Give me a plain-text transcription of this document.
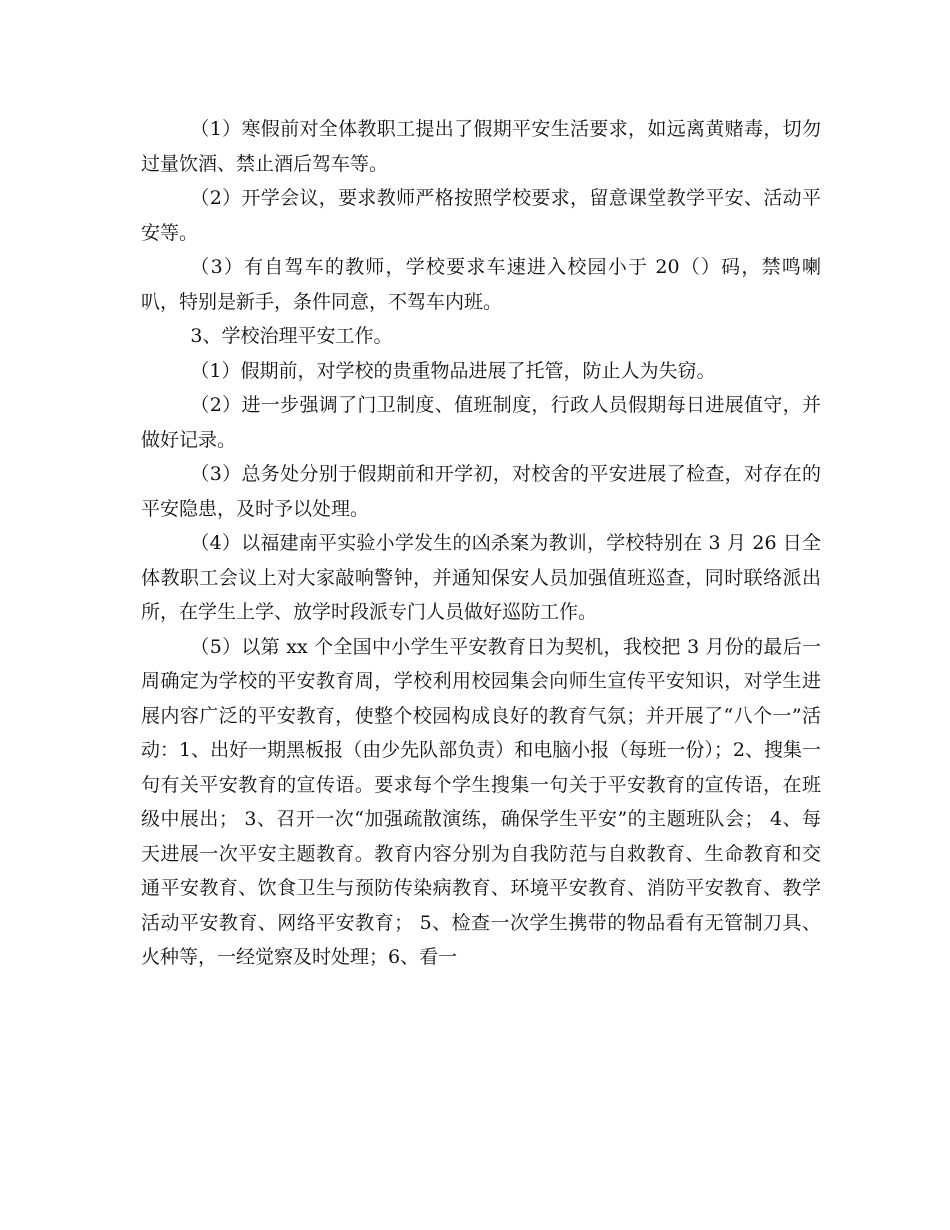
（1）寒假前对全体教职工提出了假期平安生活要求，如远离黄赌毒，切勿过量饮酒、禁止酒后驾车等。

（2）开学会议，要求教师严格按照学校要求，留意课堂教学平安、活动平安等。

（3）有自驾车的教师，学校要求车速进入校园小于 20（）码，禁鸣喇叭，特别是新手，条件同意，不驾车内班。

3、学校治理平安工作。

（1）假期前，对学校的贵重物品进展了托管，防止人为失窃。

（2）进一步强调了门卫制度、值班制度，行政人员假期每日进展值守，并做好记录。

（3）总务处分别于假期前和开学初，对校舍的平安进展了检查，对存在的平安隐患，及时予以处理。

（4）以福建南平实验小学发生的凶杀案为教训，学校特别在 3 月 26 日全体教职工会议上对大家敲响警钟，并通知保安人员加强值班巡查，同时联络派出所，在学生上学、放学时段派专门人员做好巡防工作。

（5）以第 xx 个全国中小学生平安教育日为契机，我校把 3 月份的最后一周确定为学校的平安教育周，学校利用校园集会向师生宣传平安知识，对学生进展内容广泛的平安教育，使整个校园构成良好的教育气氛；并开展了“八个一”活动：1、出好一期黑板报（由少先队部负责）和电脑小报（每班一份）；2、搜集一句有关平安教育的宣传语。要求每个学生搜集一句关于平安教育的宣传语，在班级中展出； 3、召开一次“加强疏散演练，确保学生平安”的主题班队会； 4、每天进展一次平安主题教育。教育内容分别为自我防范与自救教育、生命教育和交通平安教育、饮食卫生与预防传染病教育、环境平安教育、消防平安教育、教学活动平安教育、网络平安教育； 5、检查一次学生携带的物品看有无管制刀具、火种等，一经觉察及时处理；6、看一
